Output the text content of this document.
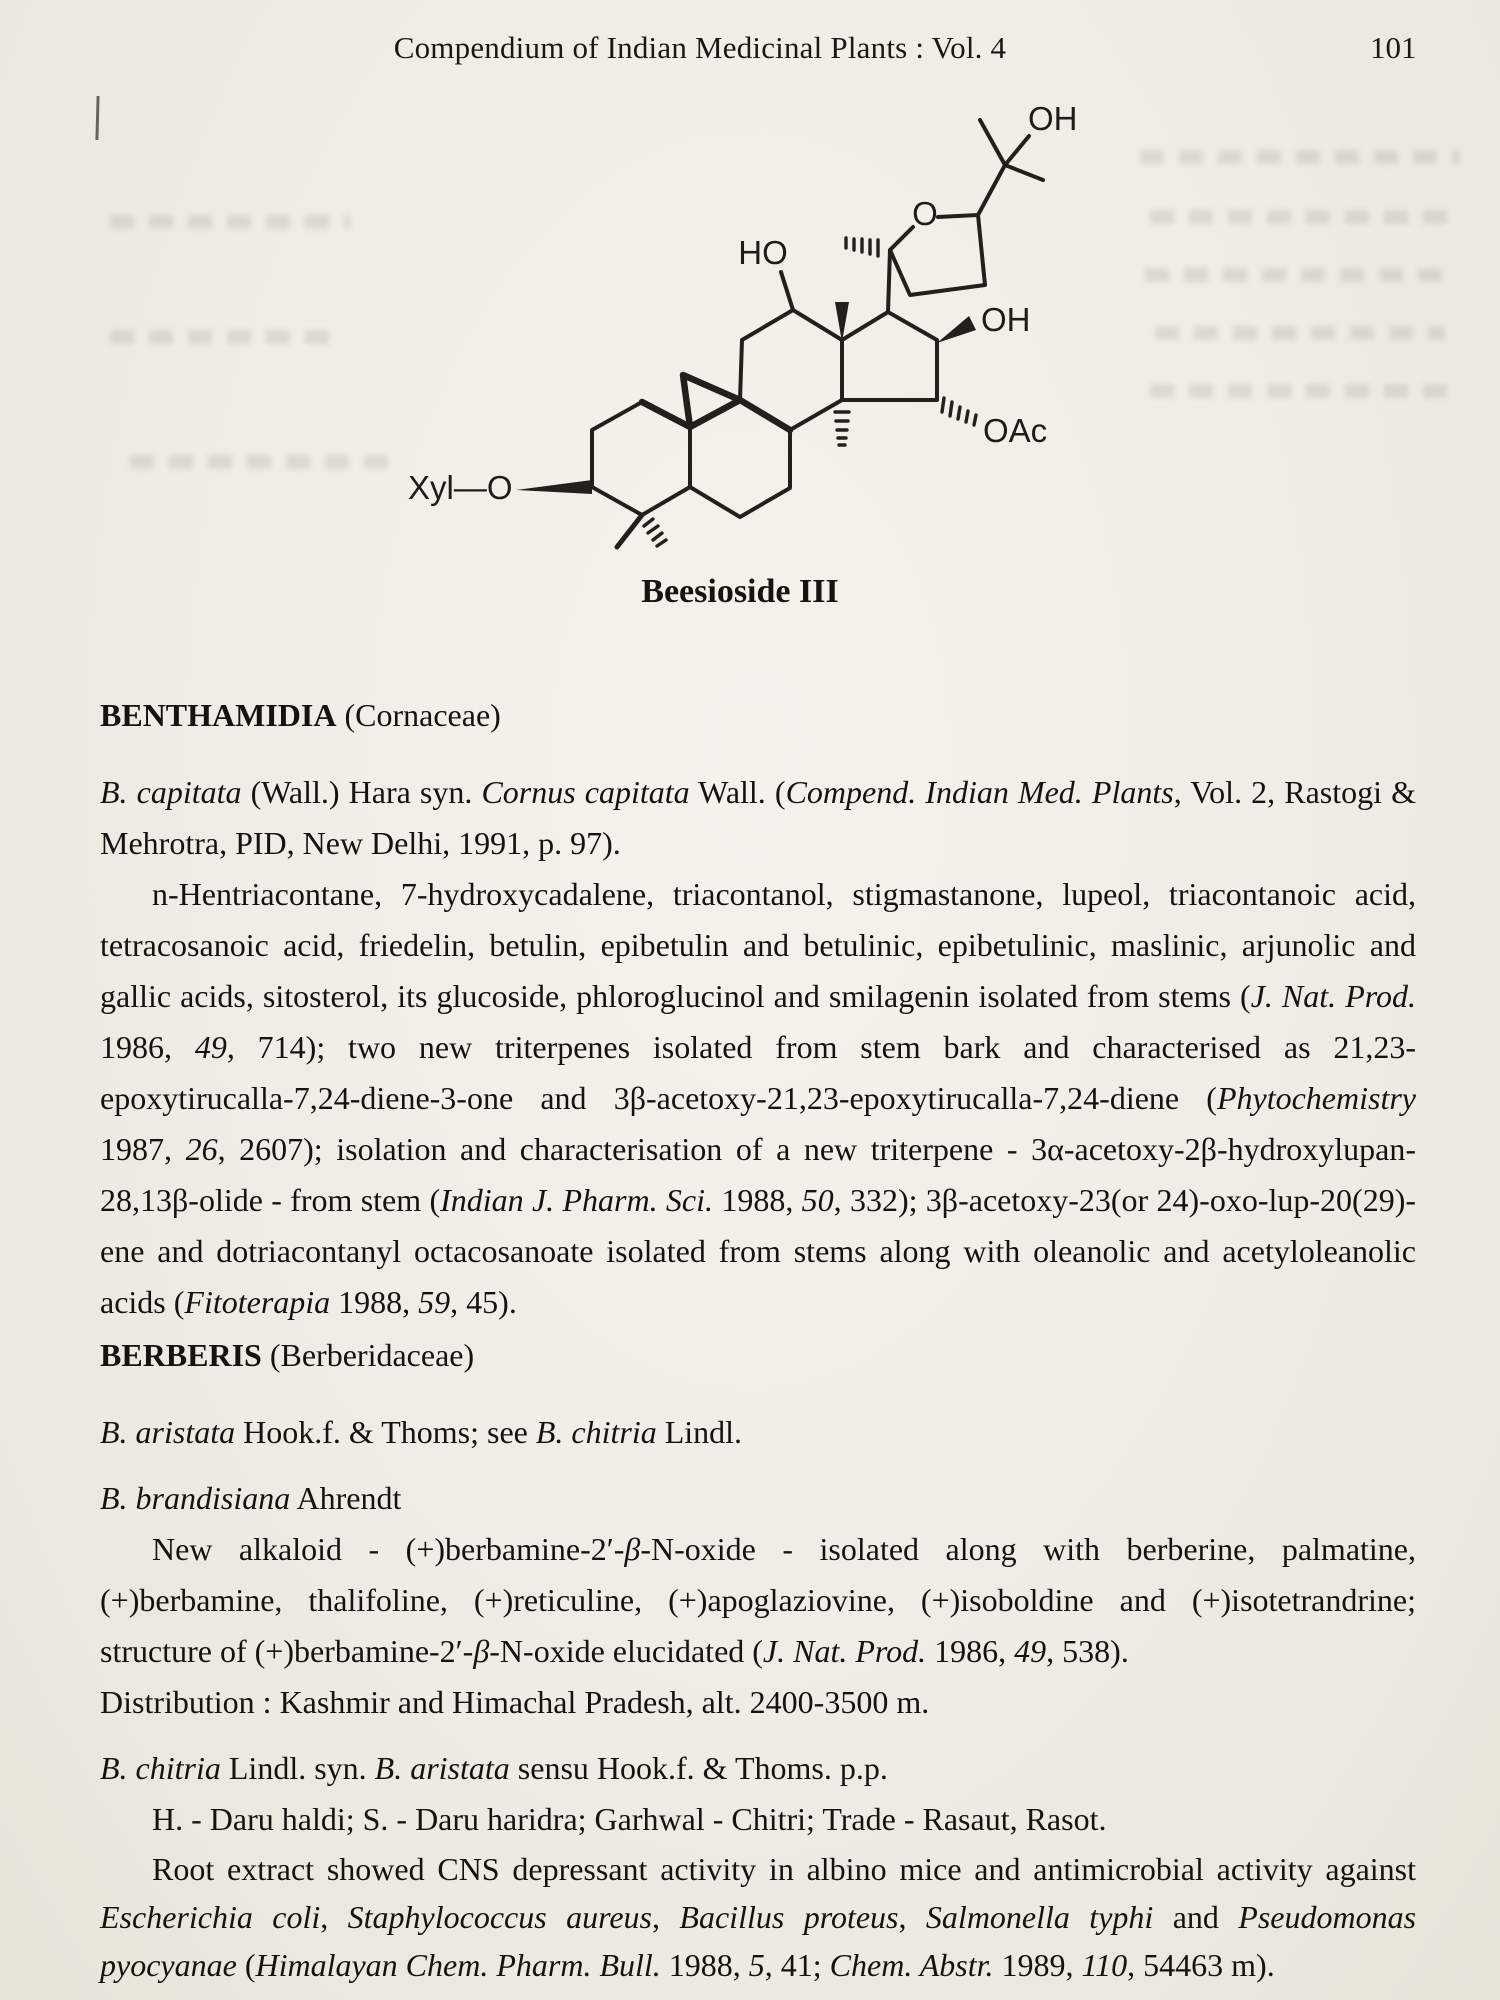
Compendium of Indian Medicinal Plants : Vol. 4	101
OH
O
HO
OH
OAc
Xyl—O
Beesioside III
BENTHAMIDIA (Cornaceae)

B. capitata (Wall.) Hara syn. Cornus capitata Wall. (Compend. Indian Med. Plants, Vol. 2, Rastogi & Mehrotra, PID, New Delhi, 1991, p. 97).

n-Hentriacontane, 7-hydroxycadalene, triacontanol, stigmastanone, lupeol, triacontanoic acid, tetracosanoic acid, friedelin, betulin, epibetulin and betulinic, epibetulinic, maslinic, arjunolic and gallic acids, sitosterol, its glucoside, phloroglucinol and smilagenin isolated from stems (J. Nat. Prod. 1986, 49, 714); two new triterpenes isolated from stem bark and characterised as 21,23-epoxytirucalla-7,24-diene-3-one and 3β-acetoxy-21,23-epoxytirucalla-7,24-diene (Phytochemistry 1987, 26, 2607); isolation and characterisation of a new triterpene - 3α-acetoxy-2β-hydroxylupan-28,13β-olide - from stem (Indian J. Pharm. Sci. 1988, 50, 332); 3β-acetoxy-23(or 24)-oxo-lup-20(29)-ene and dotriacontanyl octacosanoate isolated from stems along with oleanolic and acetyloleanolic acids (Fitoterapia 1988, 59, 45).

BERBERIS (Berberidaceae)

B. aristata Hook.f. & Thoms; see B. chitria Lindl.

B. brandisiana Ahrendt

New alkaloid - (+)berbamine-2′-β-N-oxide - isolated along with berberine, palmatine, (+)berbamine, thalifoline, (+)reticuline, (+)apoglaziovine, (+)isoboldine and (+)isotetrandrine; structure of (+)berbamine-2′-β-N-oxide elucidated (J. Nat. Prod. 1986, 49, 538).

Distribution : Kashmir and Himachal Pradesh, alt. 2400-3500 m.

B. chitria Lindl. syn. B. aristata sensu Hook.f. & Thoms. p.p.

H. - Daru haldi; S. - Daru haridra; Garhwal - Chitri; Trade - Rasaut, Rasot.

Root extract showed CNS depressant activity in albino mice and antimicrobial activity against Escherichia coli, Staphylococcus aureus, Bacillus proteus, Salmonella typhi and Pseudomonas pyocyanae (Himalayan Chem. Pharm. Bull. 1988, 5, 41; Chem. Abstr. 1989, 110, 54463 m).
